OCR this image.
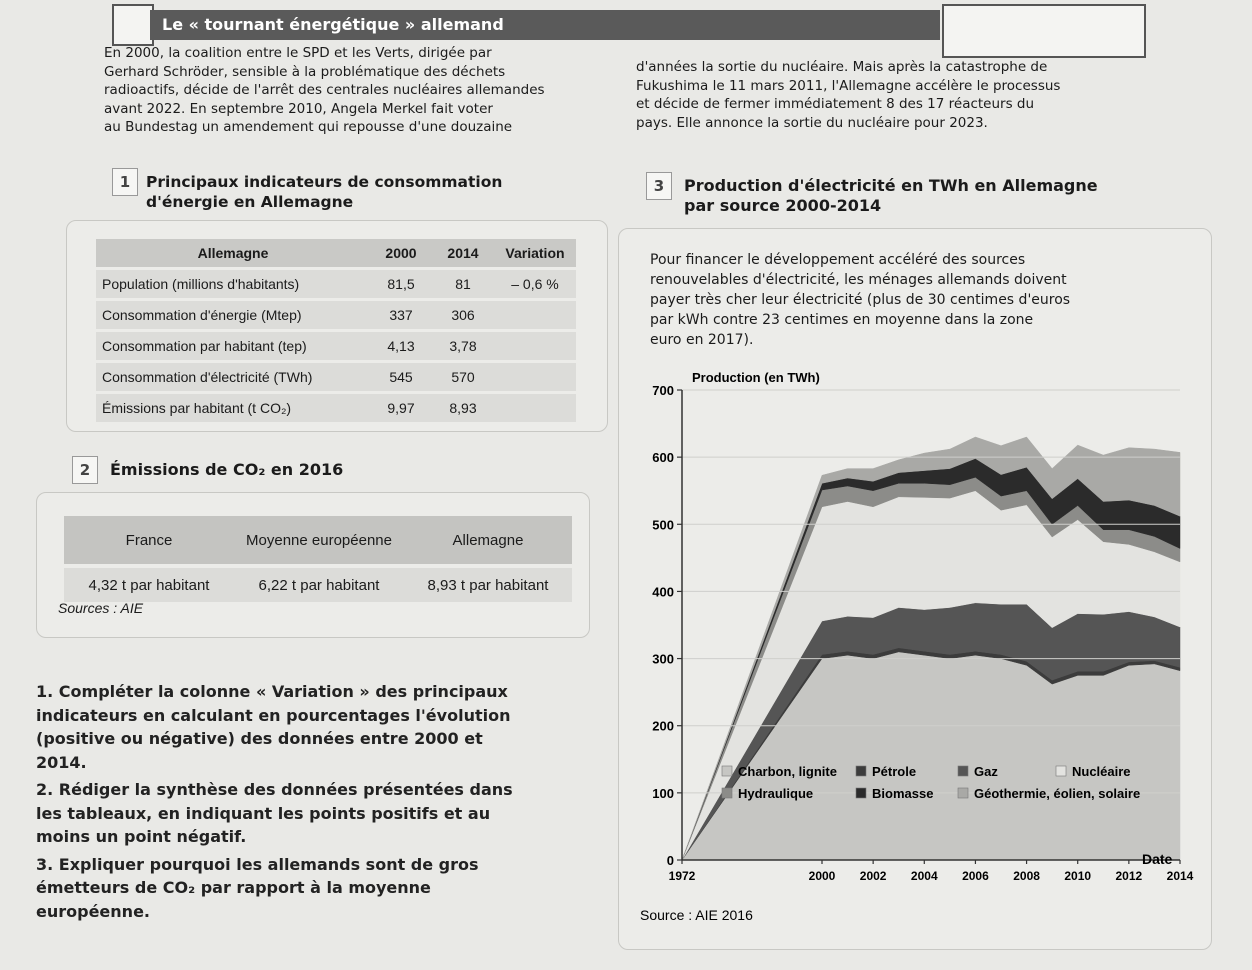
Le « tournant énergétique » allemand
En 2000, la coalition entre le SPD et les Verts, dirigée par
Gerhard Schröder, sensible à la problématique des déchets
radioactifs, décide de l'arrêt des centrales nucléaires allemandes
avant 2022. En septembre 2010, Angela Merkel fait voter
au Bundestag un amendement qui repousse d'une douzaine
d'années la sortie du nucléaire. Mais après la catastrophe de
Fukushima le 11 mars 2011, l'Allemagne accélère le processus
et décide de fermer immédiatement 8 des 17 réacteurs du
pays. Elle annonce la sortie du nucléaire pour 2023.
1	Principaux indicateurs de consommation
d'énergie en Allemagne
Allemagne	2000	2014	Variation
Population (millions d'habitants)	81,5	81	– 0,6 %
Consommation d'énergie (Mtep)	337	306	
Consommation par habitant (tep)	4,13	3,78	
Consommation d'électricité (TWh)	545	570	
Émissions par habitant (t CO₂)	9,97	8,93	
2	Émissions de CO₂ en 2016
France	Moyenne européenne	Allemagne
4,32 t par habitant	6,22 t par habitant	8,93 t par habitant
Sources : AIE

1. Compléter la colonne « Variation » des principaux indicateurs en calculant en pourcentages l'évolution (positive ou négative) des données entre 2000 et 2014.

2. Rédiger la synthèse des données présentées dans les tableaux, en indiquant les points positifs et au moins un point négatif.

3. Expliquer pourquoi les allemands sont de gros émetteurs de CO₂ par rapport à la moyenne européenne.

3	Production d'électricité en TWh en Allemagne
par source 2000-2014
Pour financer le développement accéléré des sources
renouvelables d'électricité, les ménages allemands doivent
payer très cher leur électricité (plus de 30 centimes d'euros
par kWh contre 23 centimes en moyenne dans la zone
euro en 2017).
0
100
200
300
400
500
600
700
1972	2000 2002 2004 2006 2008 2010 2012 2014
Charbon, lignite	Pétrole	Gaz	Nucléaire
Hydraulique	Biomasse	Géothermie, éolien, solaire
Production (en TWh)
Date
Source : AIE 2016
